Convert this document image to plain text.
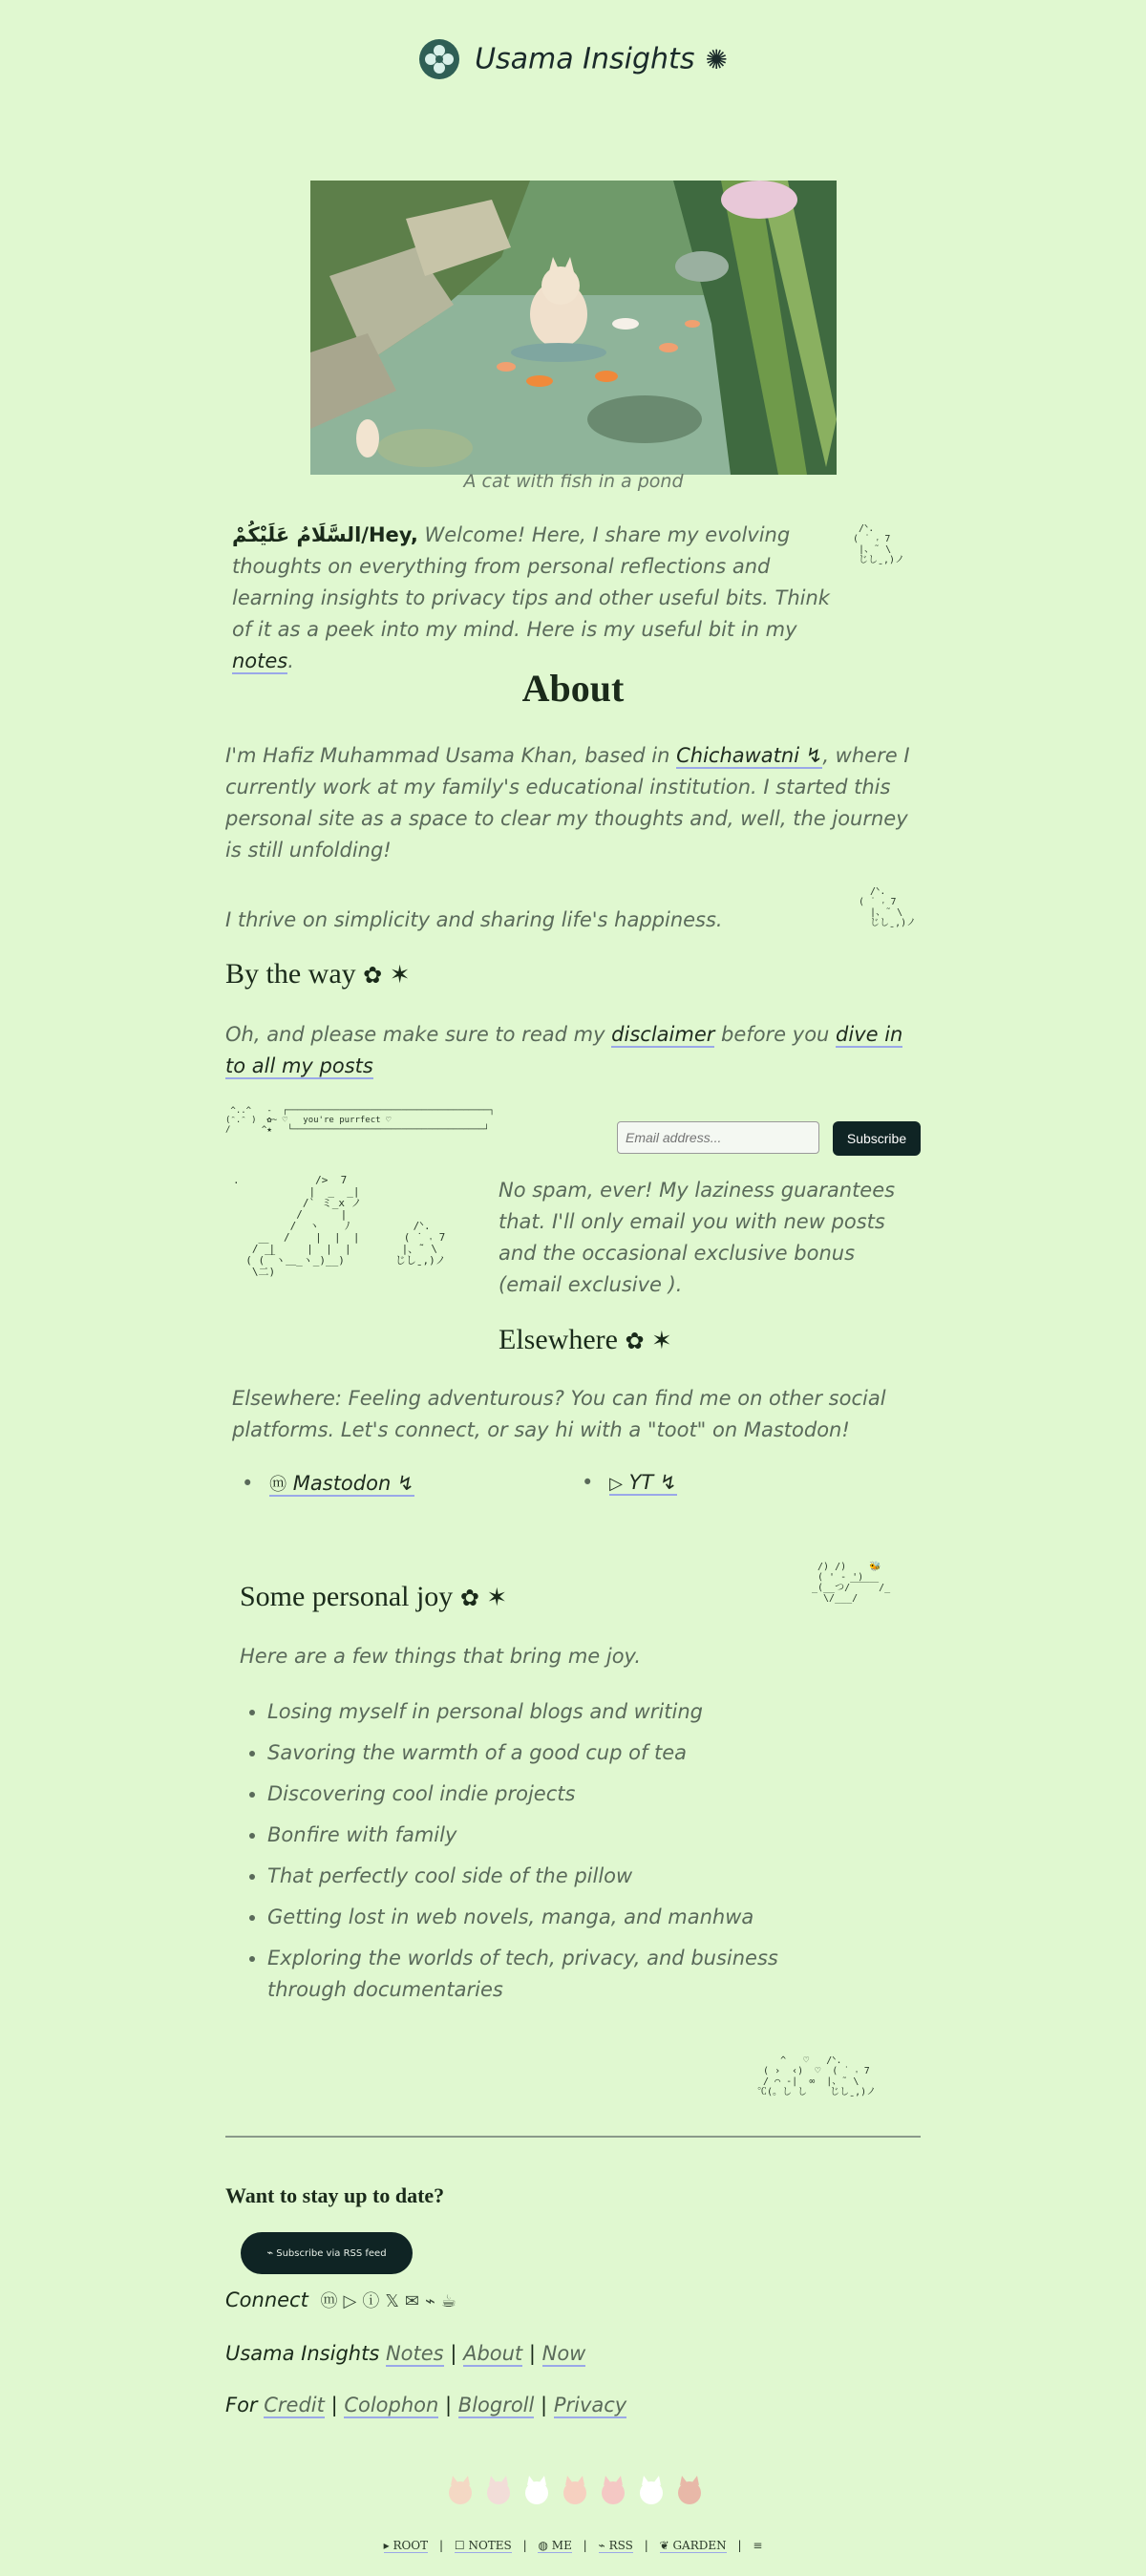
Usama Insights ✺
A cat with fish in a pond
السَّلَامُ عَلَيْكُمْ/Hey, Welcome! Here, I share my evolving thoughts on everything from personal reflections and learning insights to privacy tips and other useful bits. Think of it as a peek into my mind. Here is my useful bit in my notes.
/ᐠ.
( ˙ ˕ 7
|、˜ \
じしˍ,)ノ
About
I'm Hafiz Muhammad Usama Khan, based in Chichawatni ↯, where I currently work at my family's educational institution. I started this personal site as a space to clear my thoughts and, well, the journey is still unfolding!
I thrive on simplicity and sharing life's happiness.
/ᐠ.
( ˙ ˕ 7
|、˜ \
じしˍ,)ノ
By the way ✿ ✶
Oh, and please make sure to read my disclaimer before you dive in to all my posts
^..^   -  ┌───────────────────────────────────────┐
(ᵔ.ᵔ )  ✿~ ♡   you're purrfect ♡
/      ^★   └─────────────────────────────────────┘
Email address...
Subscribe
.            />  7
|  _  _|
/` ミ_x ノ
/      |
/  ヽ    ﾉ          /ᐠ.
/    |  |  |       ( ˙ ˕ 7
/￣|     |  |  |        |、˜ \
( (￣ヽ＿_ヽ_)__)        じしˍ,)ノ
\二)
No spam, ever! My laziness guarantees that. I'll only email you with new posts and the occasional exclusive bonus (email exclusive ).
Elsewhere ✿ ✶
Elsewhere: Feeling adventurous? You can find me on other social platforms. Let's connect, or say hi with a "toot" on Mastodon!
• ⓜ Mastodon ↯	• ▷ YT ↯
/) /)    🐝
( ' - ')
_(__つ/￣￣￣/_
\/___/
Some personal joy ✿ ✶
Here are a few things that bring me joy.
• Losing myself in personal blogs and writing
• Savoring the warmth of a good cup of tea
• Discovering cool indie projects
• Bonfire with family
• That perfectly cool side of the pillow
• Getting lost in web novels, manga, and manhwa
• Exploring the worlds of tech, privacy, and business through documentaries
^   ♡   /ᐠ.
( ›  ‹)  ♡  ( ˙ ˕ 7
/ ⌒ -|  ∞  |、˜ \
℃(。し し    じしˍ,)ノ
Want to stay up to date?
⌁ Subscribe via RSS feed
Connect ⓜ▷ⓘ𝕏✉⌁☕
Usama Insights Notes | About | Now
For Credit | Colophon | Blogroll | Privacy
▸ ROOT | ☐ NOTES | ◍ ME | ⌁ RSS | ❦ GARDEN | ≡
